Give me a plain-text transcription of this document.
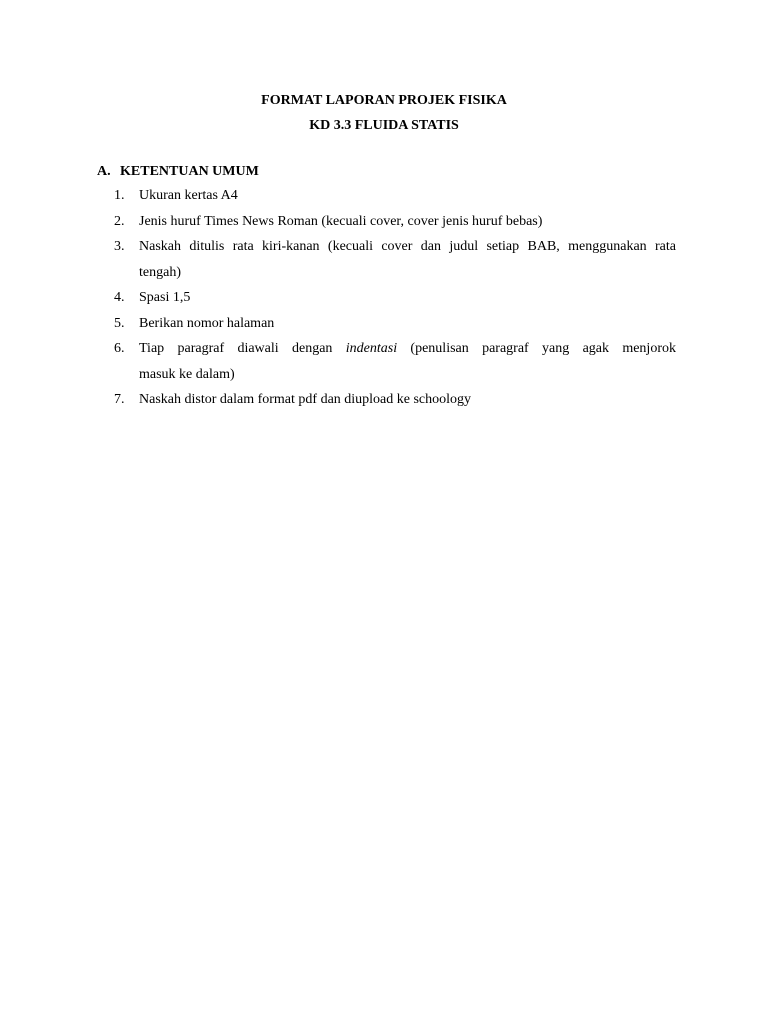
FORMAT LAPORAN PROJEK FISIKA
KD 3.3 FLUIDA STATIS
A. KETENTUAN UMUM
1. Ukuran kertas A4
2. Jenis huruf Times News Roman (kecuali cover, cover jenis huruf bebas)
3. Naskah ditulis rata kiri-kanan (kecuali cover dan judul setiap BAB, menggunakan rata
tengah)
4. Spasi 1,5
5. Berikan nomor halaman
6. Tiap paragraf diawali dengan indentasi (penulisan paragraf yang agak menjorok
masuk ke dalam)
7. Naskah distor dalam format pdf dan diupload ke schoology
